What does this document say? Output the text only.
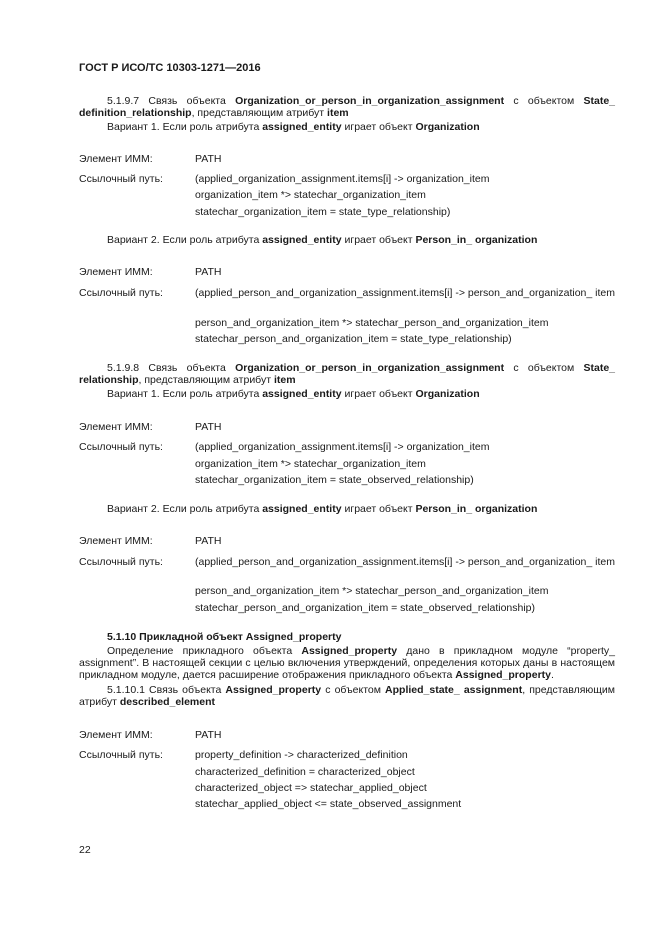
ГОСТ Р ИСО/ТС 10303-1271—2016
5.1.9.7 Связь объекта Organization_or_person_in_organization_assignment с объектом State_ definition_relationship, представляющим атрибут item
Вариант 1. Если роль атрибута assigned_entity играет объект Organization
Элемент ИММ:	PATH
Ссылочный путь:	(applied_organization_assignment.items[i] -> organization_item
organization_item *> statechar_organization_item
statechar_organization_item = state_type_relationship)
Вариант 2. Если роль атрибута assigned_entity играет объект Person_in_ organization
Элемент ИММ:	PATH
Ссылочный путь:	(applied_person_and_organization_assignment.items[i] -> person_and_organization_ item
person_and_organization_item *> statechar_person_and_organization_item
statechar_person_and_organization_item = state_type_relationship)
5.1.9.8 Связь объекта Organization_or_person_in_organization_assignment с объектом State_ relationship, представляющим атрибут item
Вариант 1. Если роль атрибута assigned_entity играет объект Organization
Элемент ИММ:	PATH
Ссылочный путь:	(applied_organization_assignment.items[i] -> organization_item
organization_item *> statechar_organization_item
statechar_organization_item = state_observed_relationship)
Вариант 2. Если роль атрибута assigned_entity играет объект Person_in_ organization
Элемент ИММ:	PATH
Ссылочный путь:	(applied_person_and_organization_assignment.items[i] -> person_and_organization_ item
person_and_organization_item *> statechar_person_and_organization_item
statechar_person_and_organization_item = state_observed_relationship)
5.1.10 Прикладной объект Assigned_property
Определение прикладного объекта Assigned_property дано в прикладном модуле “property_ assignment”. В настоящей секции с целью включения утверждений, определения которых даны в настоящем прикладном модуле, дается расширение отображения прикладного объекта Assigned_property.
5.1.10.1 Связь объекта Assigned_property с объектом Applied_state_ assignment, представляющим атрибут described_element
Элемент ИММ:	PATH
Ссылочный путь:	property_definition -> characterized_definition
characterized_definition = characterized_object
characterized_object => statechar_applied_object
statechar_applied_object <= state_observed_assignment
22
